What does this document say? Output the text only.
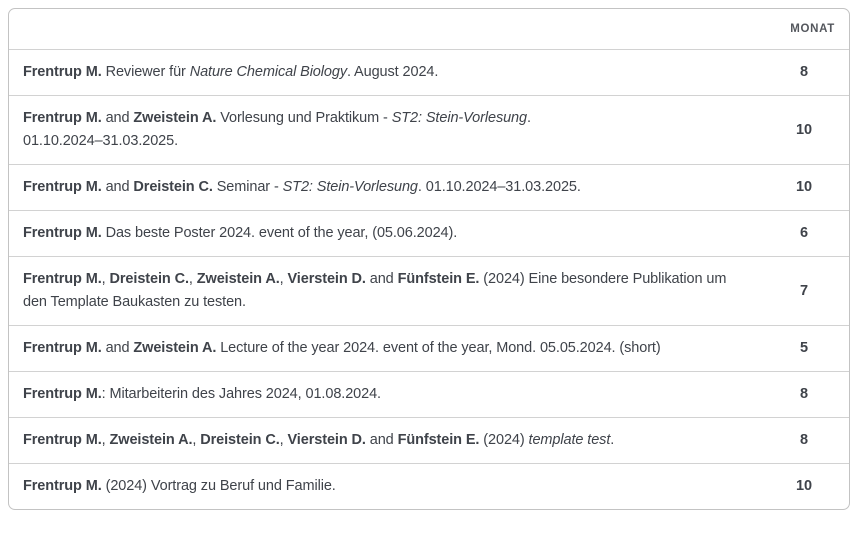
	MONAT
Frentrup M. Reviewer für Nature Chemical Biology. August 2024.	8
Frentrup M. and Zweistein A. Vorlesung und Praktikum - ST2: Stein-Vorlesung.
01.10.2024–31.03.2025.	10
Frentrup M. and Dreistein C. Seminar - ST2: Stein-Vorlesung. 01.10.2024–31.03.2025.	10
Frentrup M. Das beste Poster 2024. event of the year, (05.06.2024).	6
Frentrup M., Dreistein C., Zweistein A., Vierstein D. and Fünfstein E. (2024) Eine besondere Publikation um den Template Baukasten zu testen.	7
Frentrup M. and Zweistein A. Lecture of the year 2024. event of the year, Mond. 05.05.2024. (short)	5
Frentrup M.: Mitarbeiterin des Jahres 2024, 01.08.2024.	8
Frentrup M., Zweistein A., Dreistein C., Vierstein D. and Fünfstein E. (2024) template test.	8
Frentrup M. (2024) Vortrag zu Beruf und Familie.	10
